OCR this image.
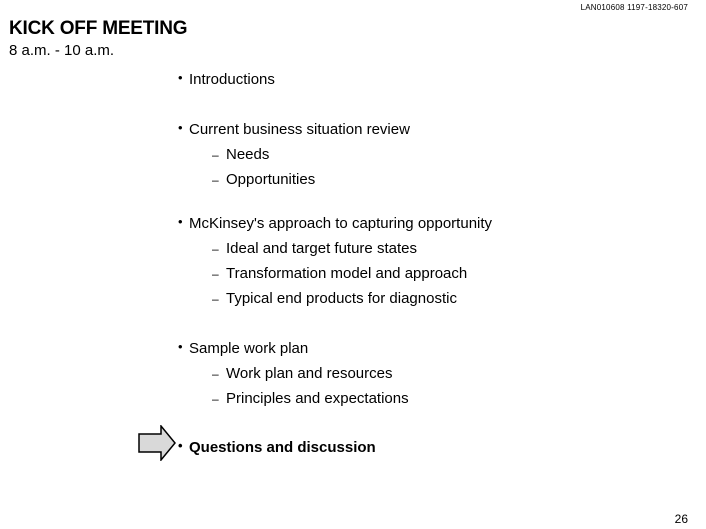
LAN010608 1197-18320-607
KICK OFF MEETING
8 a.m. - 10 a.m.
• Introductions
• Current business situation review
– Needs
– Opportunities
• McKinsey's approach to capturing opportunity
– Ideal and target future states
– Transformation model and approach
– Typical end products for diagnostic
• Sample work plan
– Work plan and resources
– Principles and expectations
• Questions and discussion
26
